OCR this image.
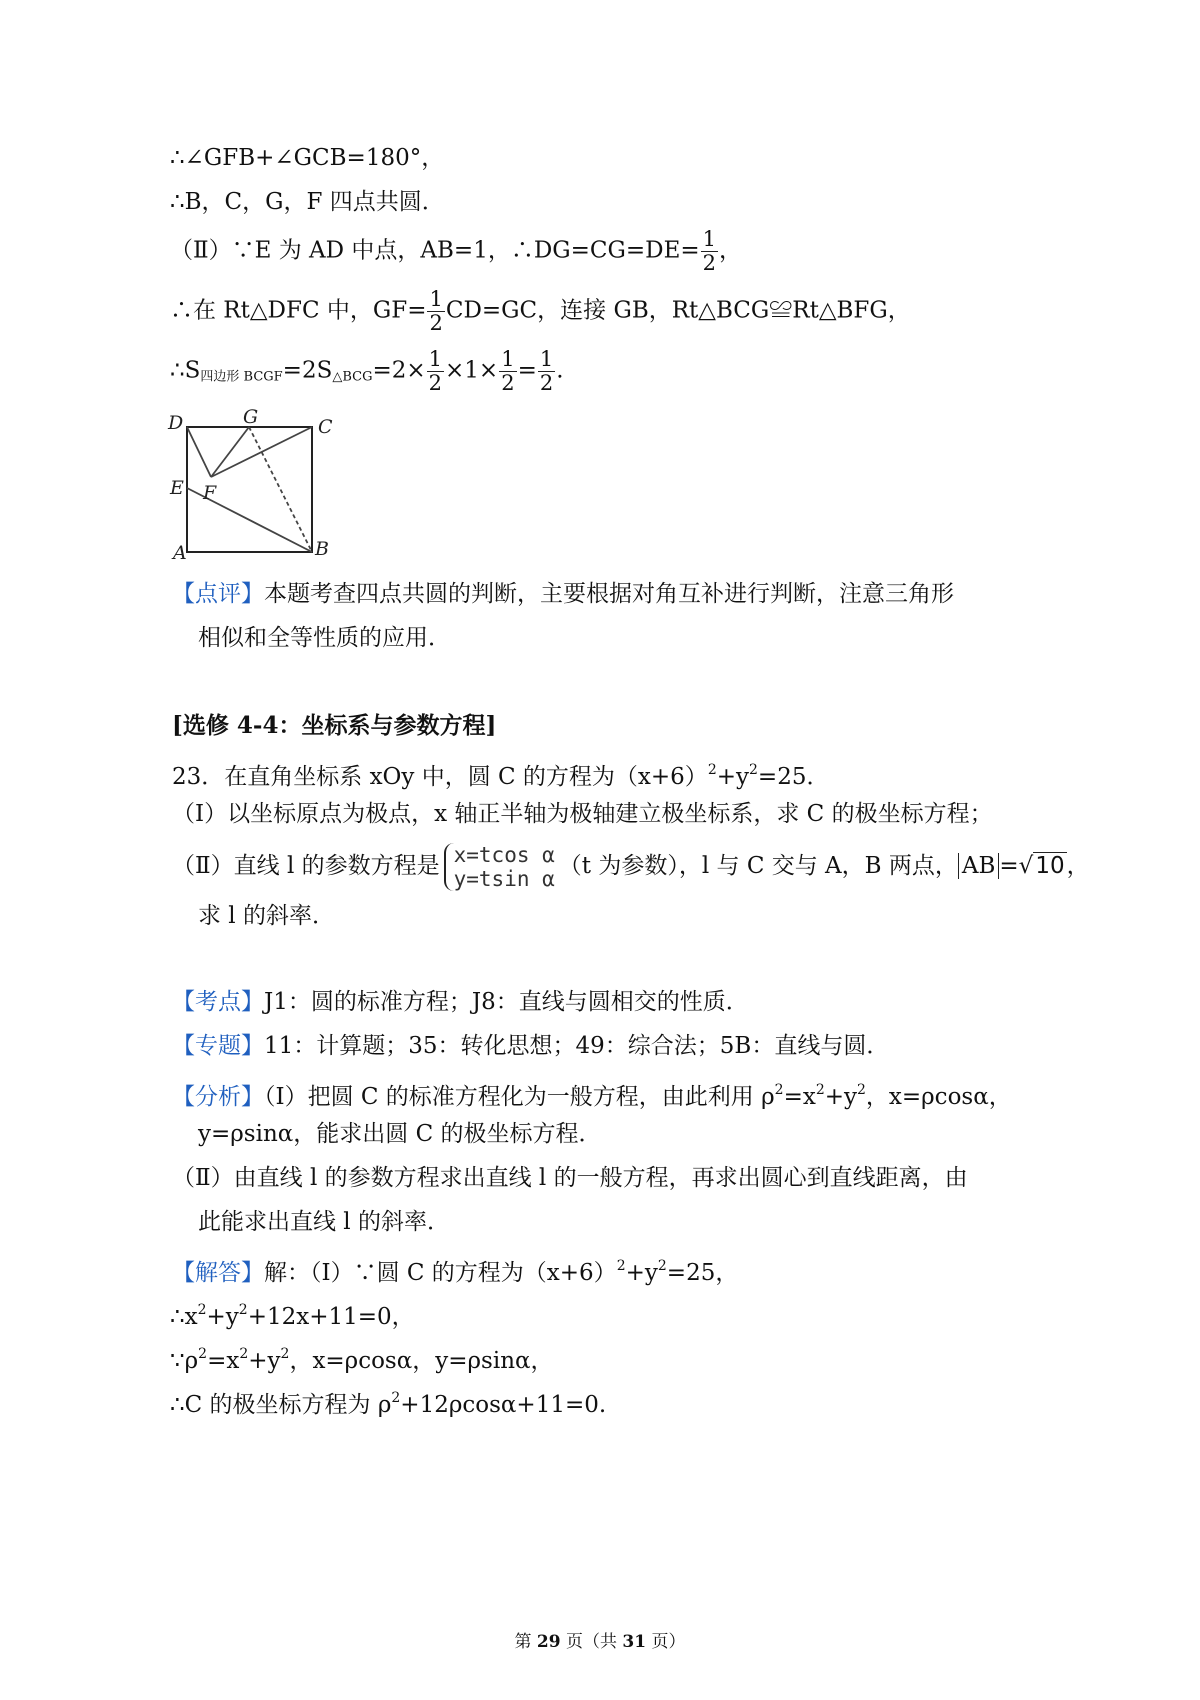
∴∠GFB+∠GCB=180°，
∴B，C，G，F 四点共圆．
（Ⅱ）∵E 为 AD 中点，AB=1，∴DG=CG=DE= $\frac{1}{2}$ ，
∴在 Rt△DFC 中，$GF= \frac{1}{2} CD=GC$，连接 GB，Rt△BCG≌Rt△BFG，
$\therefore S_{四边形 BCGF}=2S_{\triangle BCG}=2\times \frac{1}{2} \times 1\times \frac{1}{2} = \frac{1}{2}$ .
D	G	C
E F
A	B
【点评】本题考查四点共圆的判断，主要根据对角互补进行判断，注意三角形
相似和全等性质的应用．
[选修 4-4：坐标系与参数方程]
23．在直角坐标系 xOy 中，圆 C 的方程为$(x+6)^2+y^2=25$．
（Ⅰ）以坐标原点为极点，x 轴正半轴为极轴建立极坐标系，求 C 的极坐标方程；
（Ⅱ）直线 l 的参数方程是 x=tcos α
y=tsin α （t 为参数），l 与 C 交与 A，B 两点， AB =√10，
求 l 的斜率．
【考点】J1：圆的标准方程；J8：直线与圆相交的性质．
【专题】11：计算题；35：转化思想；49：综合法；5B：直线与圆．
【分析】（Ⅰ）把圆 C 的标准方程化为一般方程，由此利用 $\rho^2=x^2+y^2$，x=ρcosα，
y=ρsinα，能求出圆 C 的极坐标方程．
（Ⅱ）由直线 l 的参数方程求出直线 l 的一般方程，再求出圆心到直线距离，由
此能求出直线 l 的斜率．
【解答】解：（Ⅰ）∵圆 C 的方程为$(x+6)^2+y^2=25$，
$\therefore x^2+y^2+12x+11=0$，
$\because\rho^2=x^2+y^2$，x=ρcosα，y=ρsinα，
∴C 的极坐标方程为 $\rho^2+12\rho\cos\alpha+11=0$.
第 29 页（共 31 页）
